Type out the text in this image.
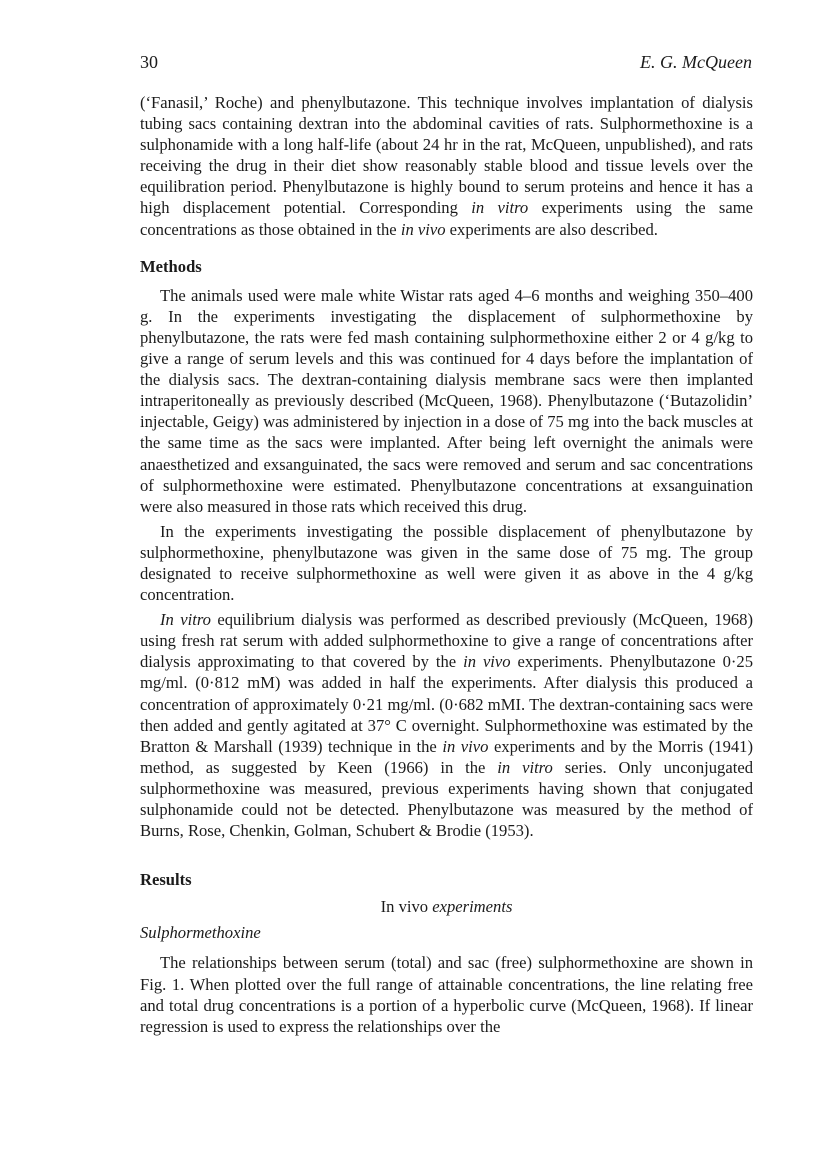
30	E. G. McQueen

(‘Fanasil,’ Roche) and phenylbutazone. This technique involves implantation of dialysis tubing sacs containing dextran into the abdominal cavities of rats. Sulphormethoxine is a sulphonamide with a long half-life (about 24 hr in the rat, McQueen, unpublished), and rats receiving the drug in their diet show reasonably stable blood and tissue levels over the equilibration period. Phenylbutazone is highly bound to serum proteins and hence it has a high displacement potential. Corresponding in vitro experiments using the same concentrations as those obtained in the in vivo experiments are also described.

Methods

The animals used were male white Wistar rats aged 4–6 months and weighing 350–400 g. In the experiments investigating the displacement of sulphormethoxine by phenylbutazone, the rats were fed mash containing sulphormethoxine either 2 or 4 g/kg to give a range of serum levels and this was continued for 4 days before the implantation of the dialysis sacs. The dextran-containing dialysis membrane sacs were then implanted intraperitoneally as previously described (McQueen, 1968). Phenylbutazone (‘Butazolidin’ injectable, Geigy) was administered by injection in a dose of 75 mg into the back muscles at the same time as the sacs were implanted. After being left overnight the animals were anaesthetized and exsanguinated, the sacs were removed and serum and sac concentrations of sulphormethoxine were estimated. Phenylbutazone concentrations at exsanguination were also measured in those rats which received this drug.

In the experiments investigating the possible displacement of phenylbutazone by sulphormethoxine, phenylbutazone was given in the same dose of 75 mg. The group designated to receive sulphormethoxine as well were given it as above in the 4 g/kg concentration.

In vitro equilibrium dialysis was performed as described previously (McQueen, 1968) using fresh rat serum with added sulphormethoxine to give a range of concentrations after dialysis approximating to that covered by the in vivo experiments. Phenylbutazone 0·25 mg/ml. (0·812 mM) was added in half the experiments. After dialysis this produced a concentration of approximately 0·21 mg/ml. (0·682 mMI. The dextran-containing sacs were then added and gently agitated at 37° C overnight. Sulphormethoxine was estimated by the Bratton & Marshall (1939) technique in the in vivo experiments and by the Morris (1941) method, as suggested by Keen (1966) in the in vitro series. Only unconjugated sulphormethoxine was measured, previous experiments having shown that conjugated sulphonamide could not be detected. Phenylbutazone was measured by the method of Burns, Rose, Chenkin, Golman, Schubert & Brodie (1953).

Results
In vivo experiments
Sulphormethoxine

The relationships between serum (total) and sac (free) sulphormethoxine are shown in Fig. 1. When plotted over the full range of attainable concentrations, the line relating free and total drug concentrations is a portion of a hyperbolic curve (McQueen, 1968). If linear regression is used to express the relationships over the
